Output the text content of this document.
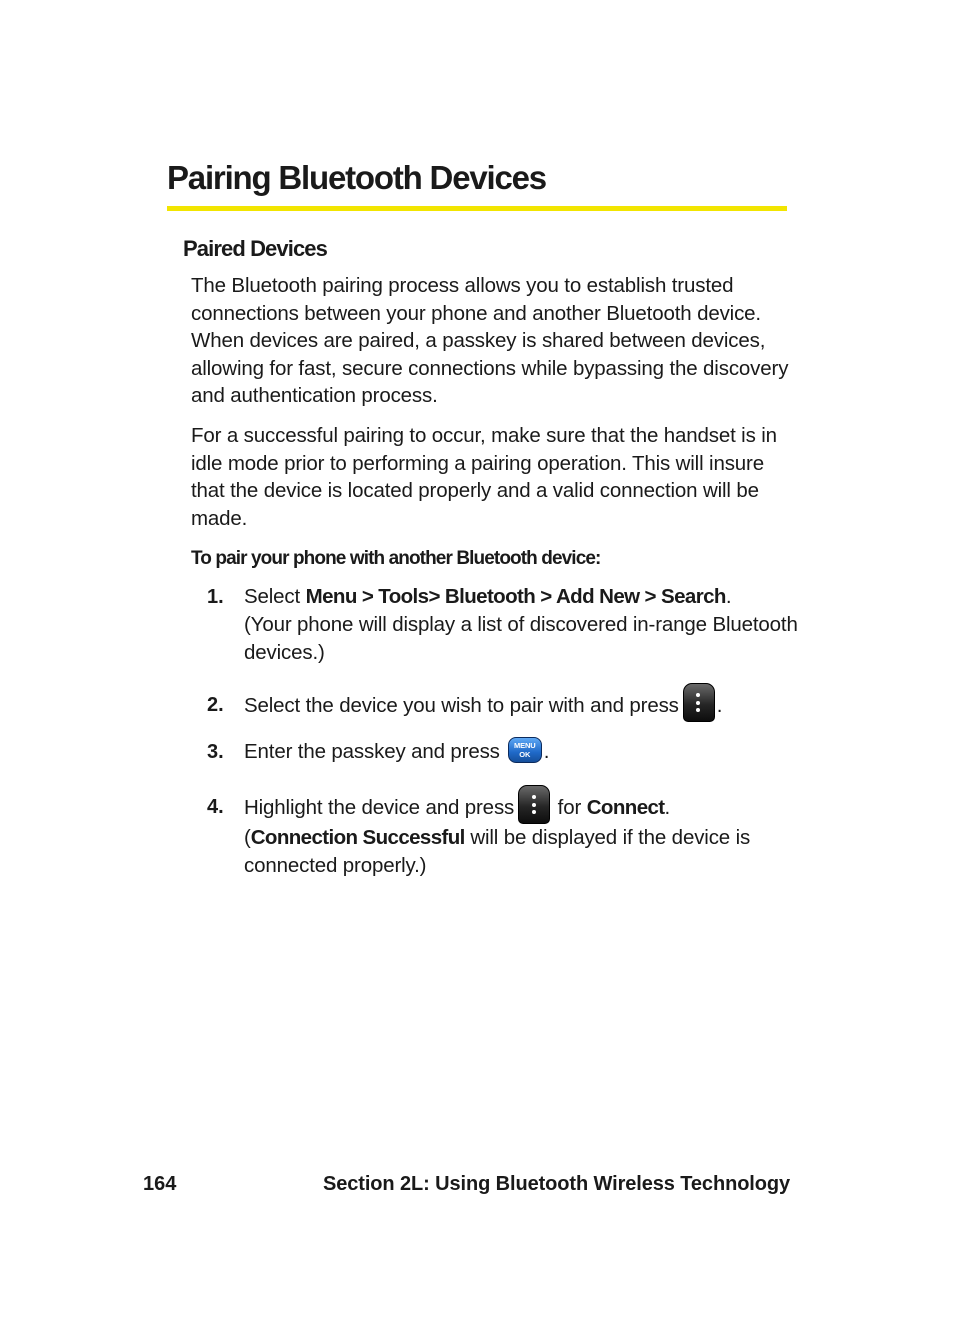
Pairing Bluetooth Devices
Paired Devices

The Bluetooth pairing process allows you to establish trusted connections between your phone and another Bluetooth device. When devices are paired, a passkey is shared between devices, allowing for fast, secure connections while bypassing the discovery and authentication process.

For a successful pairing to occur, make sure that the handset is in idle mode prior to performing a pairing operation. This will insure that the device is located properly and a valid connection will be made.

To pair your phone with another Bluetooth device:

1. Select Menu > Tools> Bluetooth > Add New > Search.
(Your phone will display a list of discovered in-range Bluetooth devices.)
2. Select the device you wish to pair with and press .
3. Enter the passkey and press MENU
OK .
4. Highlight the device and press
for Connect.
(Connection Successful will be displayed if the device is connected properly.)
164	Section 2L: Using Bluetooth Wireless Technology
